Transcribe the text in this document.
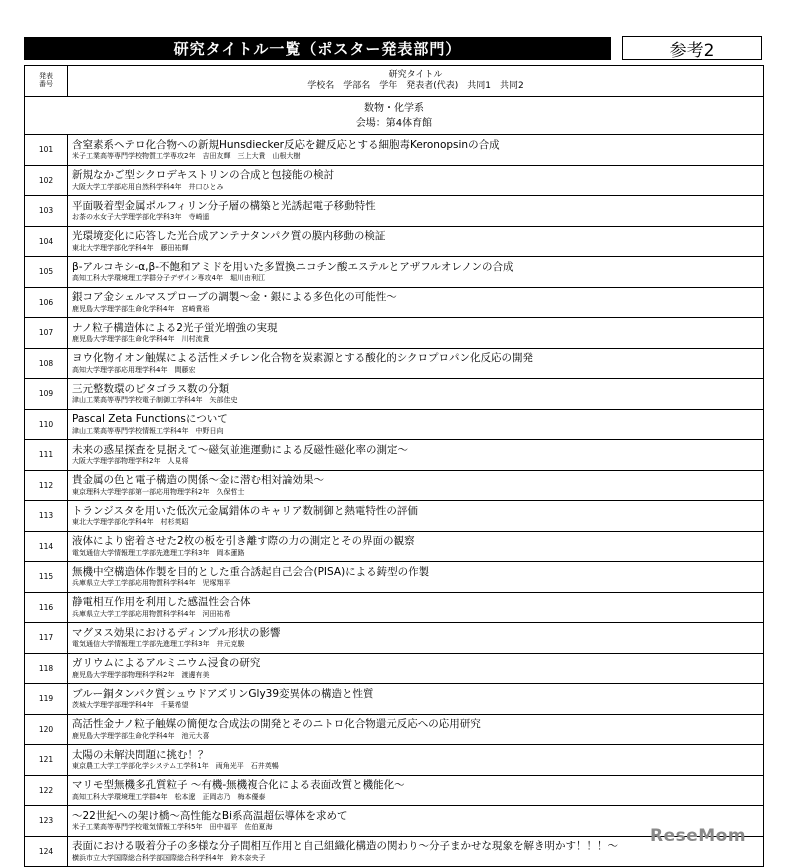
研究タイトル一覧（ポスター発表部門）	参考2
発表
番号
研究タイトル
学校名　学部名　学年　発表者(代表)　共同1　共同2
数物・化学系
会場：第4体育館
101	含窒素系ヘテロ化合物への新規Hunsdiecker反応を鍵反応とする細胞毒Keronopsinの合成
米子工業高等専門学校物質工学専攻2年　吉田友輝　三上大貴　山根大樹
102	新規なかご型シクロデキストリンの合成と包接能の検討
大阪大学工学部応用自然科学科4年　井口ひとみ
103	平面吸着型金属ポルフィリン分子層の構築と光誘起電子移動特性
お茶の水女子大学理学部化学科3年　寺崎遥
104	光環境変化に応答した光合成アンテナタンパク質の膜内移動の検証
東北大学理学部化学科4年　藤田祐輝
105	β-アルコキシ-α,β-不飽和アミドを用いた多置換ニコチン酸エステルとアザフルオレノンの合成
高知工科大学環境理工学群分子デザイン専攻4年　堀川由利江
106	銀コア金シェルマスプローブの調製～金・銀による多色化の可能性～
鹿児島大学理学部生命化学科4年　宮崎貴裕
107	ナノ粒子構造体による2光子蛍光増強の実現
鹿児島大学理学部生命化学科4年　川村流貴
108	ヨウ化物イオン触媒による活性メチレン化合物を炭素源とする酸化的シクロプロパン化反応の開発
高知大学理学部応用理学科4年　間藤宏
109	三元整数環のピタゴラス数の分類
津山工業高等専門学校電子制御工学科4年　矢部佳史
110	Pascal Zeta Functionsについて
津山工業高等専門学校情報工学科4年　中野日向
111	未来の惑星探査を見据えて～磁気並進運動による反磁性磁化率の測定～
大阪大学理学部物理学科2年　人見将
112	貴金属の色と電子構造の関係～金に潜む相対論効果～
東京理科大学理学部第一部応用物理学科2年　久保哲士
113	トランジスタを用いた低次元金属錯体のキャリア数制御と熱電特性の評価
東北大学理学部化学科4年　村杉英昭
114	液体により密着させた2枚の板を引き離す際の力の測定とその界面の観察
電気通信大学情報理工学部先進理工学科3年　岡本蓮路
115	無機中空構造体作製を目的とした重合誘起自己会合(PISA)による鋳型の作製
兵庫県立大学工学部応用物質科学科4年　児塚翔平
116	静電相互作用を利用した感温性会合体
兵庫県立大学工学部応用物質科学科4年　河田祐希
117	マグヌス効果におけるディンプル形状の影響
電気通信大学情報理工学部先進理工学科3年　井元克駿
118	ガリウムによるアルミニウム浸食の研究
鹿児島大学理学部物理科学科2年　渡邊有美
119	ブルー銅タンパク質シュウドアズリンGly39変異体の構造と性質
茨城大学理学部理学科4年　千葉希望
120	高活性金ナノ粒子触媒の簡便な合成法の開発とそのニトロ化合物還元反応への応用研究
鹿児島大学理学部生命化学科4年　池元大喜
121	太陽の未解決問題に挑む！？
東京農工大学工学部化学システム工学科1年　両角光平　石井英暢
122	マリモ型無機多孔質粒子 ～有機-無機複合化による表面改質と機能化～
高知工科大学環境理工学群4年　松本遼　正岡志乃　梅本優泰
123	～22世紀への架け橋～高性能なBi系高温超伝導体を求めて
米子工業高等専門学校電気情報工学科5年　田中福平　佐伯夏海
124	表面における吸着分子の多様な分子間相互作用と自己組織化構造の関わり～分子まかせな現象を解き明かす！！！～
横浜市立大学国際総合科学部国際総合科学科4年　鈴木奈央子
ReseMom
